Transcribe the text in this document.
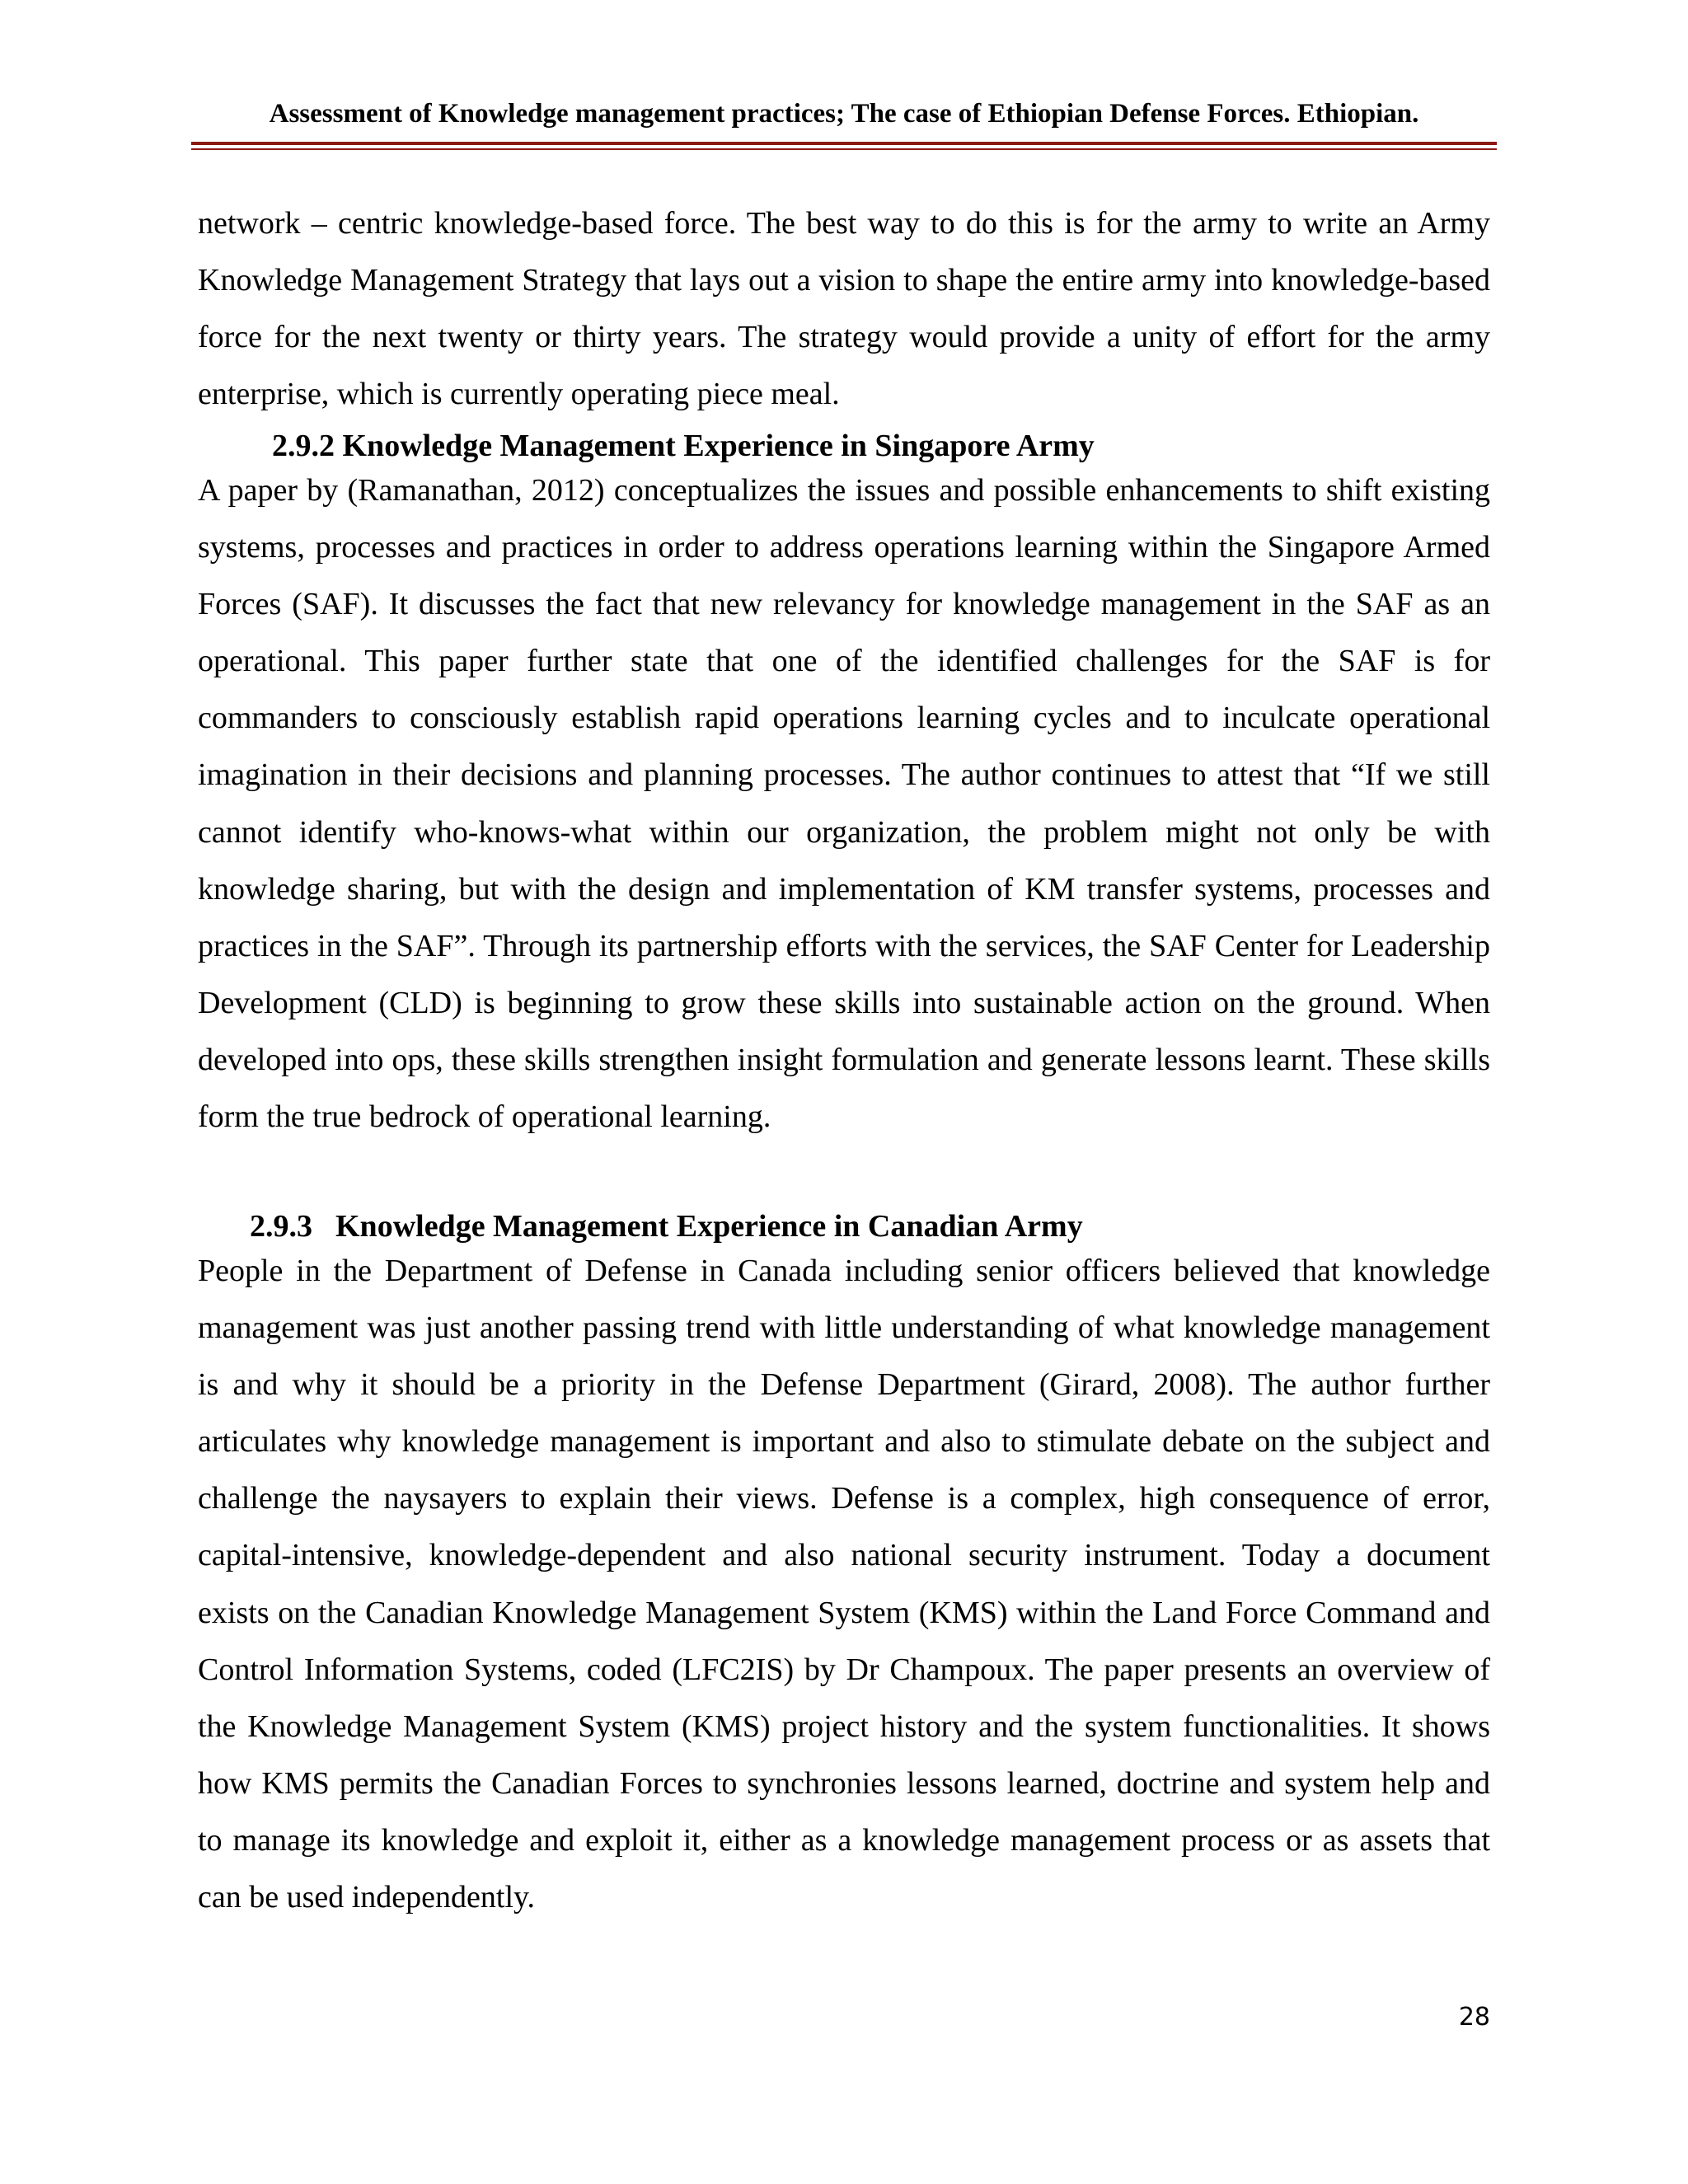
Assessment of Knowledge management practices; The case of Ethiopian Defense Forces. Ethiopian.

network – centric knowledge-based force. The best way to do this is for the army to write an Army Knowledge Management Strategy that lays out a vision to shape the entire army into knowledge-based force for the next twenty or thirty years. The strategy would provide a unity of effort for the army enterprise, which is currently operating piece meal.

2.9.2 Knowledge Management Experience in Singapore Army

A paper by (Ramanathan, 2012) conceptualizes the issues and possible enhancements to shift existing systems, processes and practices in order to address operations learning within the Singapore Armed Forces (SAF). It discusses the fact that new relevancy for knowledge management in the SAF as an operational. This paper further state that one of the identified challenges for the SAF is for commanders to consciously establish rapid operations learning cycles and to inculcate operational imagination in their decisions and planning processes. The author continues to attest that “If we still cannot identify who-knows-what within our organization, the problem might not only be with knowledge sharing, but with the design and implementation of KM transfer systems, processes and practices in the SAF”. Through its partnership efforts with the services, the SAF Center for Leadership Development (CLD) is beginning to grow these skills into sustainable action on the ground. When developed into ops, these skills strengthen insight formulation and generate lessons learnt. These skills form the true bedrock of operational learning.

2.9.3 Knowledge Management Experience in Canadian Army

People in the Department of Defense in Canada including senior officers believed that knowledge management was just another passing trend with little understanding of what knowledge management is and why it should be a priority in the Defense Department (Girard, 2008). The author further articulates why knowledge management is important and also to stimulate debate on the subject and challenge the naysayers to explain their views. Defense is a complex, high consequence of error, capital-intensive, knowledge-dependent and also national security instrument. Today a document exists on the Canadian Knowledge Management System (KMS) within the Land Force Command and Control Information Systems, coded (LFC2IS) by Dr Champoux. The paper presents an overview of the Knowledge Management System (KMS) project history and the system functionalities. It shows how KMS permits the Canadian Forces to synchronies lessons learned, doctrine and system help and to manage its knowledge and exploit it, either as a knowledge management process or as assets that can be used independently.

28
